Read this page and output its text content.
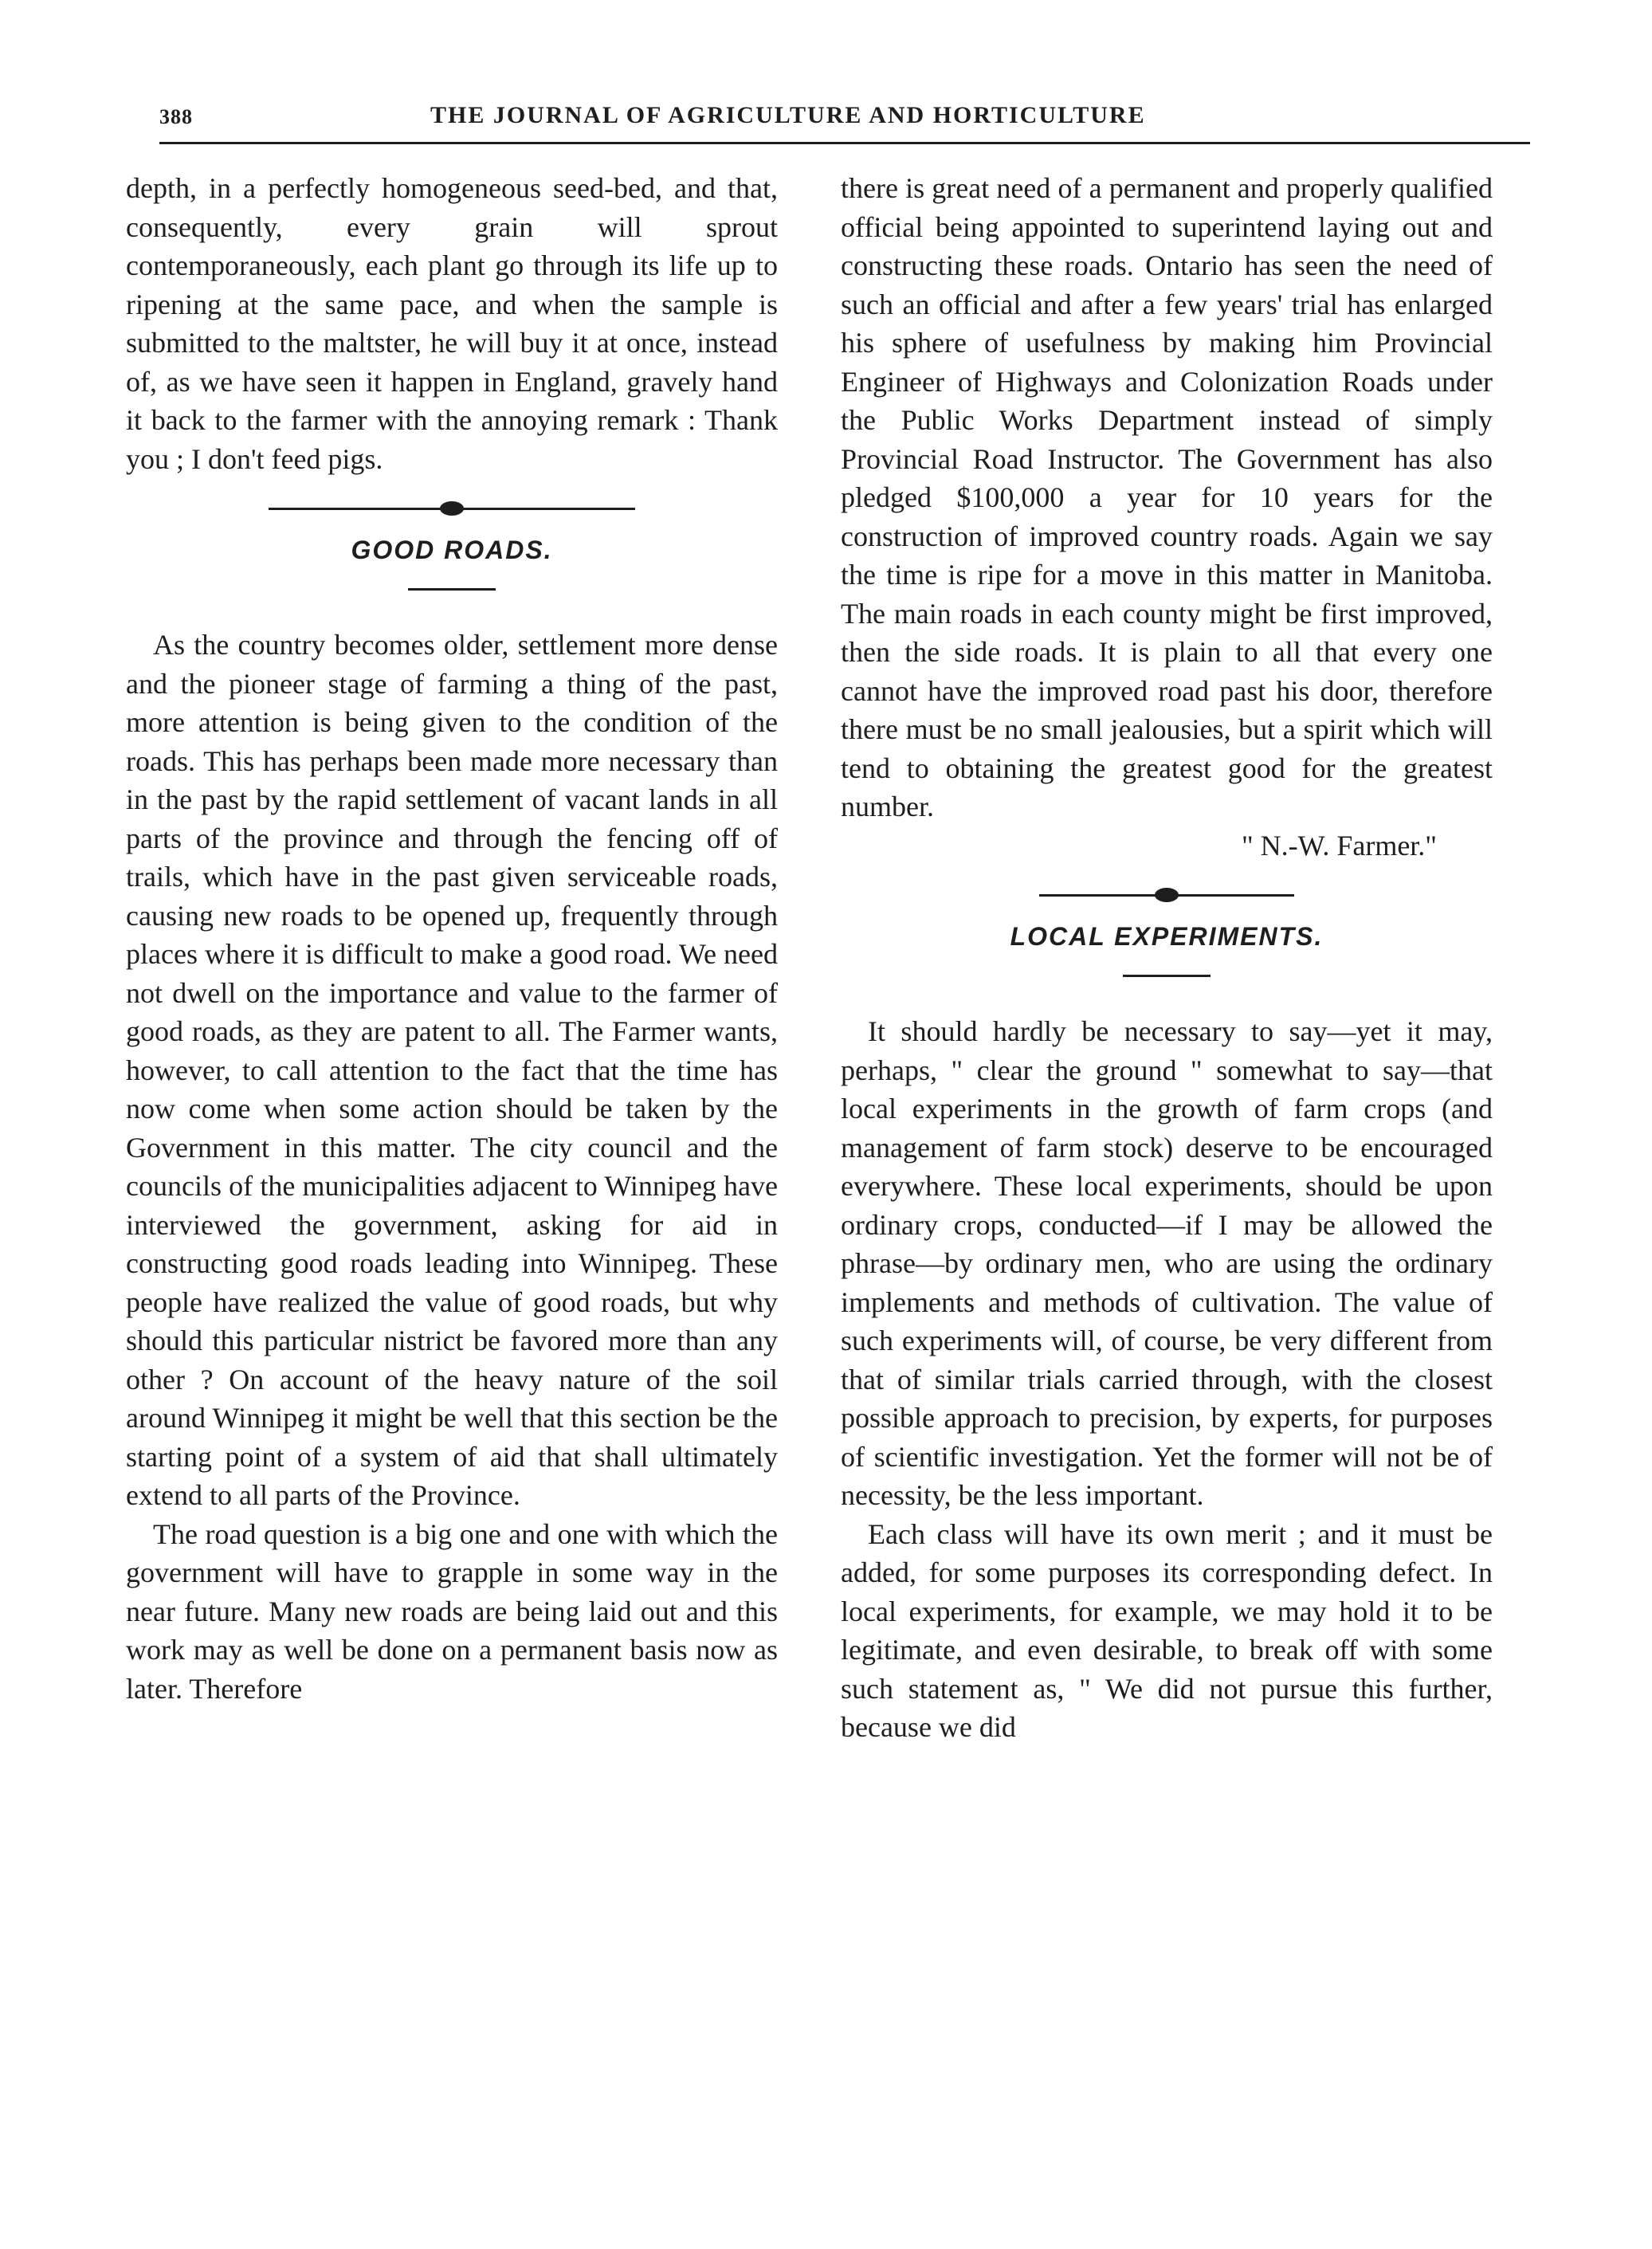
388	THE JOURNAL OF AGRICULTURE AND HORTICULTURE

depth, in a perfectly homogeneous seed-bed, and that, consequently, every grain will sprout contemporaneously, each plant go through its life up to ripening at the same pace, and when the sample is submitted to the maltster, he will buy it at once, instead of, as we have seen it happen in England, gravely hand it back to the farmer with the annoying remark : Thank you ; I don't feed pigs.

GOOD ROADS.

As the country becomes older, settlement more dense and the pioneer stage of farming a thing of the past, more attention is being given to the condition of the roads. This has perhaps been made more necessary than in the past by the rapid settlement of vacant lands in all parts of the province and through the fencing off of trails, which have in the past given serviceable roads, causing new roads to be opened up, frequently through places where it is difficult to make a good road. We need not dwell on the importance and value to the farmer of good roads, as they are patent to all. The Farmer wants, however, to call attention to the fact that the time has now come when some action should be taken by the Government in this matter. The city council and the councils of the municipalities adjacent to Winnipeg have interviewed the government, asking for aid in constructing good roads leading into Winnipeg. These people have realized the value of good roads, but why should this particular nistrict be favored more than any other ? On account of the heavy nature of the soil around Winnipeg it might be well that this section be the starting point of a system of aid that shall ultimately extend to all parts of the Province.

The road question is a big one and one with which the government will have to grapple in some way in the near future. Many new roads are being laid out and this work may as well be done on a permanent basis now as later. Therefore

there is great need of a permanent and properly qualified official being appointed to superintend laying out and constructing these roads. Ontario has seen the need of such an official and after a few years' trial has enlarged his sphere of usefulness by making him Provincial Engineer of Highways and Colonization Roads under the Public Works Department instead of simply Provincial Road Instructor. The Government has also pledged $100,000 a year for 10 years for the construction of improved country roads. Again we say the time is ripe for a move in this matter in Manitoba. The main roads in each county might be first improved, then the side roads. It is plain to all that every one cannot have the improved road past his door, therefore there must be no small jealousies, but a spirit which will tend to obtaining the greatest good for the greatest number.

" N.-W. Farmer."

LOCAL EXPERIMENTS.

It should hardly be necessary to say—yet it may, perhaps, " clear the ground " somewhat to say—that local experiments in the growth of farm crops (and management of farm stock) deserve to be encouraged everywhere. These local experiments, should be upon ordinary crops, conducted—if I may be allowed the phrase—by ordinary men, who are using the ordinary implements and methods of cultivation. The value of such experiments will, of course, be very different from that of similar trials carried through, with the closest possible approach to precision, by experts, for purposes of scientific investigation. Yet the former will not be of necessity, be the less important.

Each class will have its own merit ; and it must be added, for some purposes its corresponding defect. In local experiments, for example, we may hold it to be legitimate, and even desirable, to break off with some such statement as, " We did not pursue this further, because we did
